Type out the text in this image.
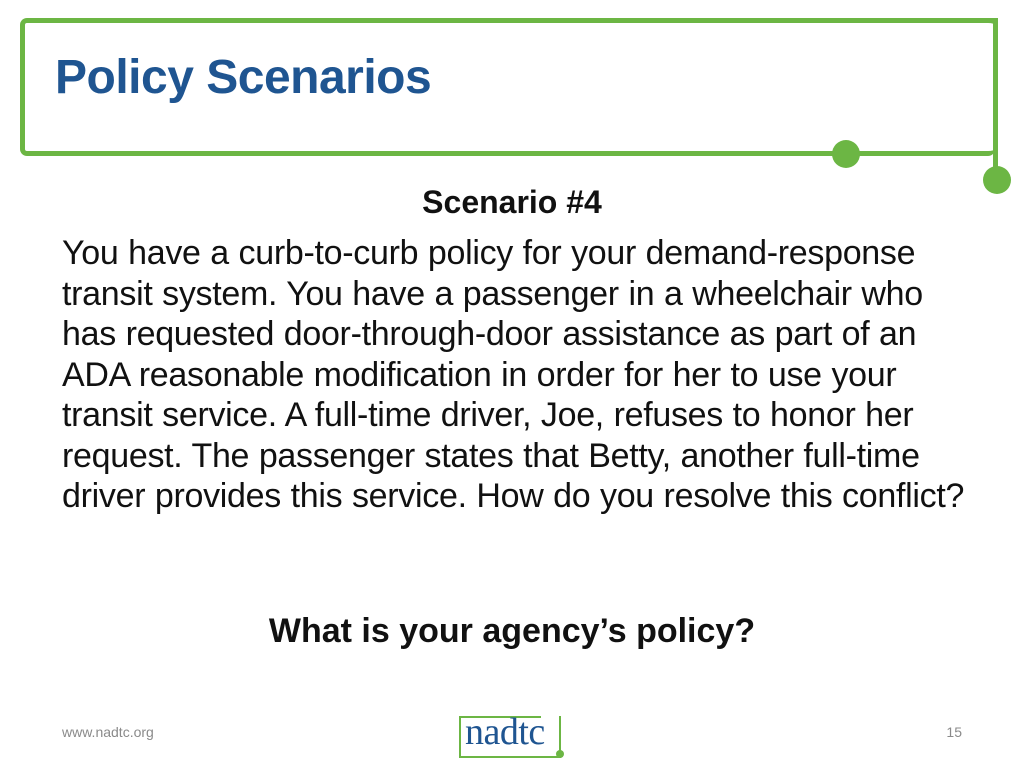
Policy Scenarios
Scenario #4

You have a curb-to-curb policy for your demand-response transit system. You have a passenger in a wheelchair who has requested door-through-door assistance as part of an ADA reasonable modification in order for her to use your transit service. A full-time driver, Joe, refuses to honor her request. The passenger states that Betty, another full-time driver provides this service. How do you resolve this conflict?

What is your agency’s policy?
www.nadtc.org	nadtc	15
